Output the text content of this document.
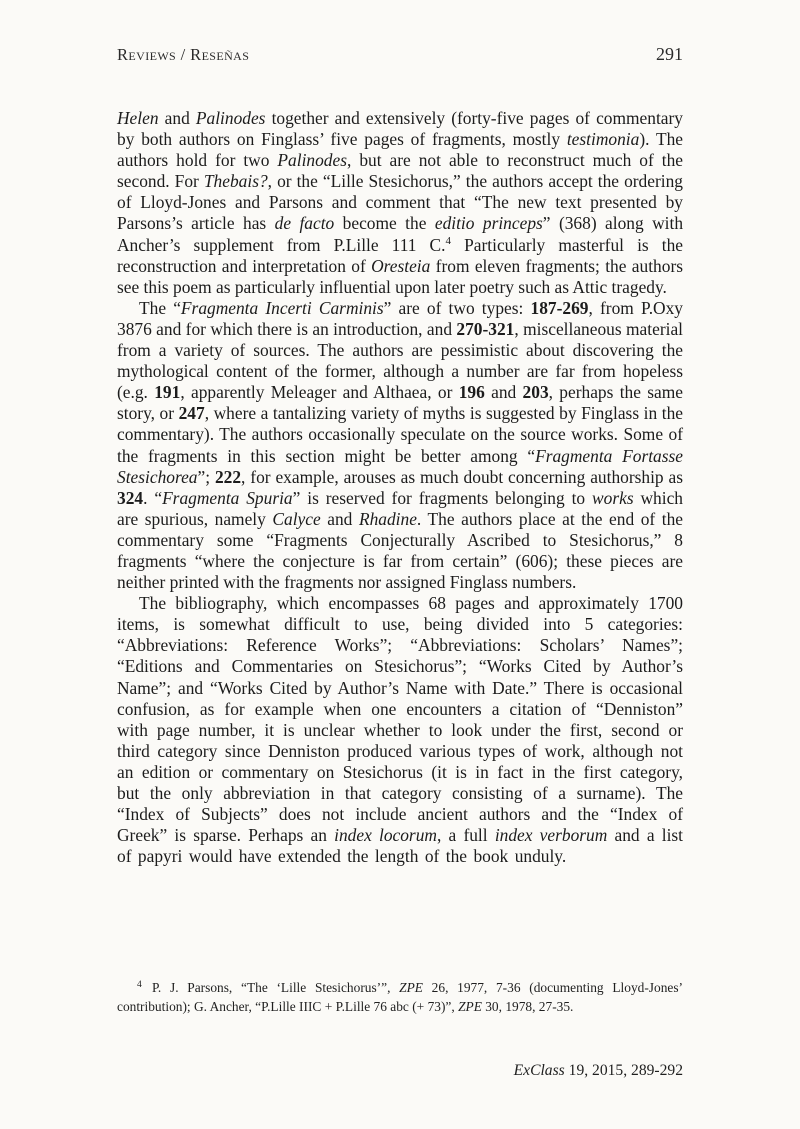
Reviews / Reseñas	291

Helen and Palinodes together and extensively (forty-five pages of commentary by both authors on Finglass’ five pages of fragments, mostly testimonia). The authors hold for two Palinodes, but are not able to reconstruct much of the second. For Thebais?, or the “Lille Stesichorus,” the authors accept the ordering of Lloyd-Jones and Parsons and comment that “The new text presented by Parsons’s article has de facto become the editio princeps” (368) along with Ancher’s supplement from P.Lille 111 C.$^4$ Particularly masterful is the reconstruction and interpretation of Oresteia from eleven fragments; the authors see this poem as particularly influential upon later poetry such as Attic tragedy.

The “Fragmenta Incerti Carminis” are of two types: 187-269, from P.Oxy 3876 and for which there is an introduction, and 270-321, miscellaneous material from a variety of sources. The authors are pessimistic about discovering the mythological content of the former, although a number are far from hopeless (e.g. 191, apparently Meleager and Althaea, or 196 and 203, perhaps the same story, or 247, where a tantalizing variety of myths is suggested by Finglass in the commentary). The authors occasionally speculate on the source works. Some of the fragments in this section might be better among “Fragmenta Fortasse Stesichorea”; 222, for example, arouses as much doubt concerning authorship as 324. “Fragmenta Spuria” is reserved for fragments belonging to works which are spurious, namely Calyce and Rhadine. The authors place at the end of the commentary some “Fragments Conjecturally Ascribed to Stesichorus,” 8 fragments “where the conjecture is far from certain” (606); these pieces are neither printed with the fragments nor assigned Finglass numbers.

The bibliography, which encompasses 68 pages and approximately 1700 items, is somewhat difficult to use, being divided into 5 categories: “Abbreviations: Reference Works”; “Abbreviations: Scholars’ Names”; “Editions and Commentaries on Stesichorus”; “Works Cited by Author’s Name”; and “Works Cited by Author’s Name with Date.” There is occasional confusion, as for example when one encounters a citation of “Denniston” with page number, it is unclear whether to look under the first, second or third category since Denniston produced various types of work, although not an edition or commentary on Stesichorus (it is in fact in the first category, but the only abbreviation in that category consisting of a surname). The “Index of Subjects” does not include ancient authors and the “Index of Greek” is sparse. Perhaps an index locorum, a full index verborum and a list of papyri would have extended the length of the book unduly.

$^4$ P. J. Parsons, “The ‘Lille Stesichorus’”, ZPE 26, 1977, 7-36 (documenting Lloyd-Jones’ contribution); G. Ancher, “P.Lille IIIC + P.Lille 76 abc (+ 73)”, ZPE 30, 1978, 27-35.

ExClass 19, 2015, 289-292
